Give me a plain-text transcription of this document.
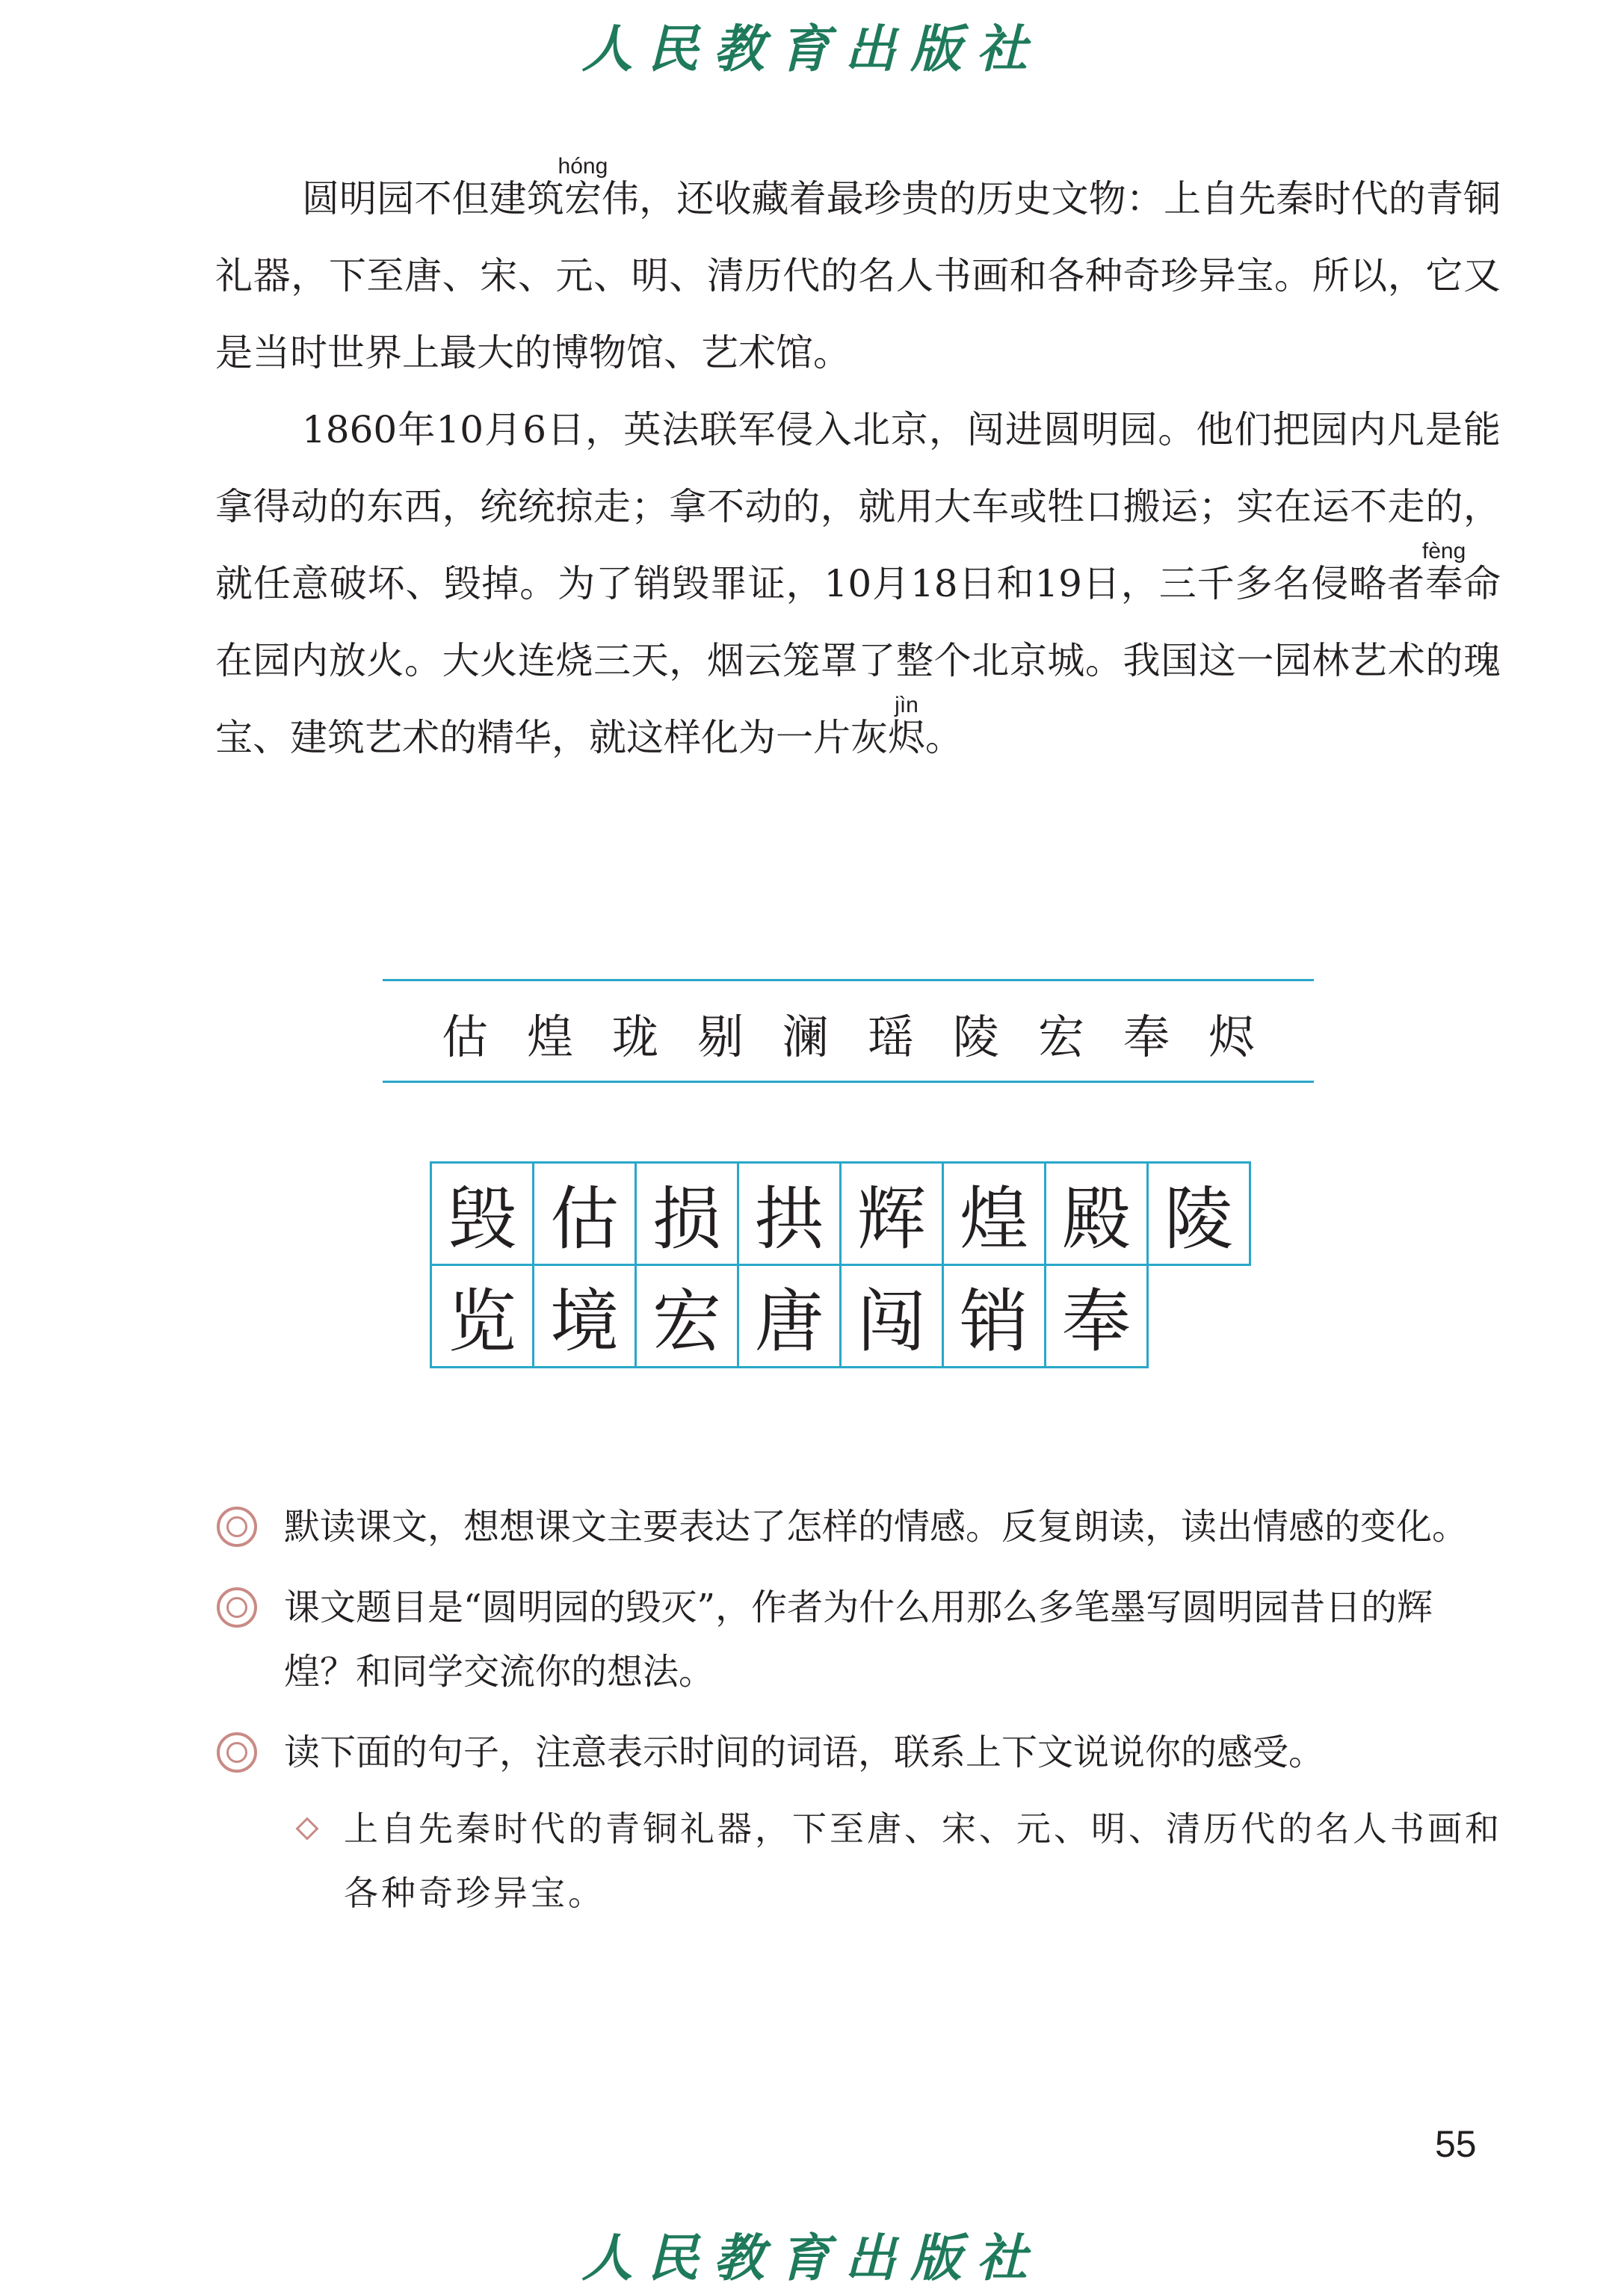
人民教育出版社

圆明园不但建筑宏hóng伟，还收藏着最珍贵的历史文物：上自先秦时代的青铜礼器，下至唐、宋、元、明、清历代的名人书画和各种奇珍异宝。所以，它又是当时世界上最大的博物馆、艺术馆。

1860年10月6日，英法联军侵入北京，闯进圆明园。他们把园内凡是能拿得动的东西，统统掠走；拿不动的，就用大车或牲口搬运；实在运不走的，就任意破坏、毁掉。为了销毁罪证，10月18日和19日，三千多名侵略者奉fèng命在园内放火。大火连烧三天，烟云笼罩了整个北京城。我国这一园林艺术的瑰宝、建筑艺术的精华，就这样化为一片灰烬jìn。

估 煌 珑 剔 澜 瑶 陵 宏 奉 烬
毁 估 损 拱 辉 煌 殿 陵
览 境 宏 唐 闯 销 奉
默读课文，想想课文主要表达了怎样的情感。反复朗读，读出情感的变化。
课文题目是“圆明园的毁灭”，作者为什么用那么多笔墨写圆明园昔日的辉煌？和同学交流你的想法。
读下面的句子，注意表示时间的词语，联系上下文说说你的感受。
上自先秦时代的青铜礼器，下至唐、宋、元、明、清历代的名人书画和各种奇珍异宝。
55
人民教育出版社
